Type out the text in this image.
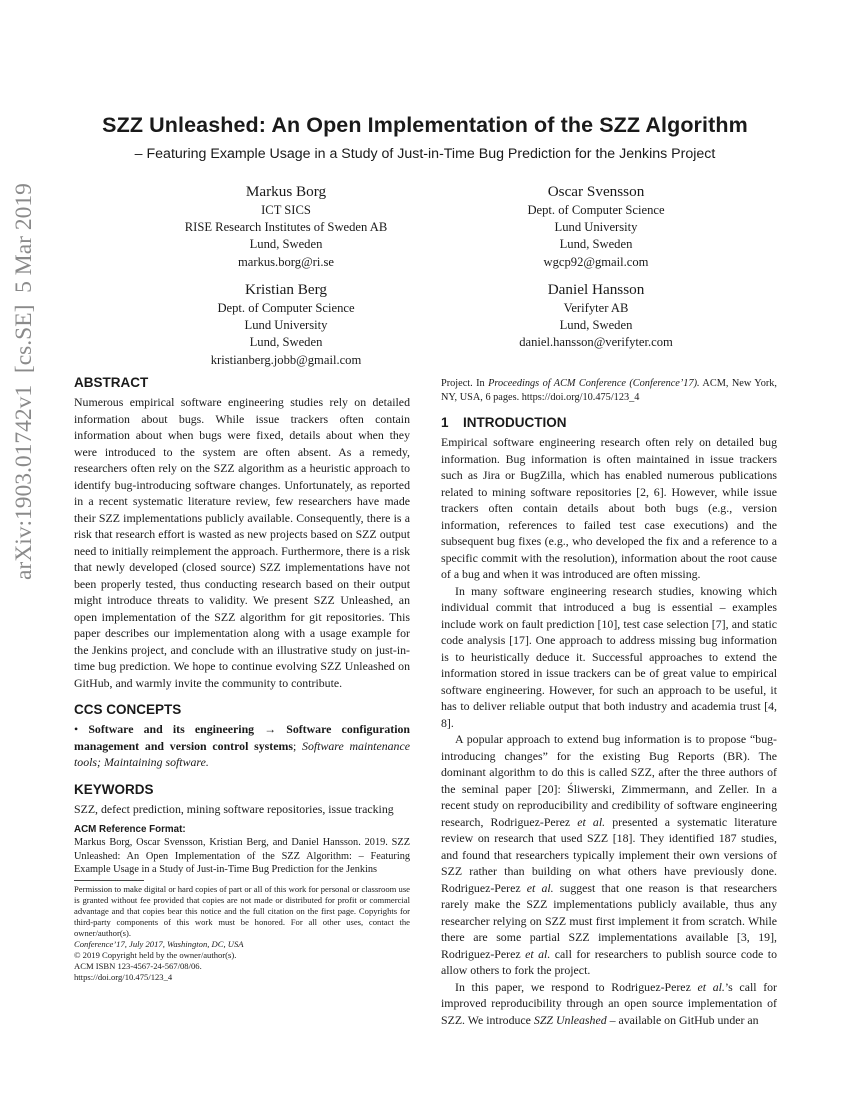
arXiv:1903.01742v1  [cs.SE]  5 Mar 2019
SZZ Unleashed: An Open Implementation of the SZZ Algorithm
– Featuring Example Usage in a Study of Just-in-Time Bug Prediction for the Jenkins Project
Markus Borg
ICT SICS
RISE Research Institutes of Sweden AB
Lund, Sweden
markus.borg@ri.se
Oscar Svensson
Dept. of Computer Science
Lund University
Lund, Sweden
wgcp92@gmail.com
Kristian Berg
Dept. of Computer Science
Lund University
Lund, Sweden
kristianberg.jobb@gmail.com
Daniel Hansson
Verifyter AB
Lund, Sweden
daniel.hansson@verifyter.com
ABSTRACT

Numerous empirical software engineering studies rely on detailed information about bugs. While issue trackers often contain information about when bugs were fixed, details about when they were introduced to the system are often absent. As a remedy, researchers often rely on the SZZ algorithm as a heuristic approach to identify bug-introducing software changes. Unfortunately, as reported in a recent systematic literature review, few researchers have made their SZZ implementations publicly available. Consequently, there is a risk that research effort is wasted as new projects based on SZZ output need to initially reimplement the approach. Furthermore, there is a risk that newly developed (closed source) SZZ implementations have not been properly tested, thus conducting research based on their output might introduce threats to validity. We present SZZ Unleashed, an open implementation of the SZZ algorithm for git repositories. This paper describes our implementation along with a usage example for the Jenkins project, and conclude with an illustrative study on just-in-time bug prediction. We hope to continue evolving SZZ Unleashed on GitHub, and warmly invite the community to contribute.

CCS CONCEPTS

• Software and its engineering → Software configuration management and version control systems; Software maintenance tools; Maintaining software.

KEYWORDS

SZZ, defect prediction, mining software repositories, issue tracking

ACM Reference Format:
Markus Borg, Oscar Svensson, Kristian Berg, and Daniel Hansson. 2019. SZZ Unleashed: An Open Implementation of the SZZ Algorithm: – Featuring Example Usage in a Study of Just-in-Time Bug Prediction for the Jenkins

Permission to make digital or hard copies of part or all of this work for personal or classroom use is granted without fee provided that copies are not made or distributed for profit or commercial advantage and that copies bear this notice and the full citation on the first page. Copyrights for third-party components of this work must be honored. For all other uses, contact the owner/author(s).

Conference’17, July 2017, Washington, DC, USA
© 2019 Copyright held by the owner/author(s).
ACM ISBN 123-4567-24-567/08/06.
https://doi.org/10.475/123_4
Project. In Proceedings of ACM Conference (Conference’17). ACM, New York, NY, USA, 6 pages. https://doi.org/10.475/123_4
1 INTRODUCTION

Empirical software engineering research often rely on detailed bug information. Bug information is often maintained in issue trackers such as Jira or BugZilla, which has enabled numerous publications related to mining software repositories [2, 6]. However, while issue trackers often contain details about both bugs (e.g., version information, references to failed test case executions) and the subsequent bug fixes (e.g., who developed the fix and a reference to a specific commit with the resolution), information about the root cause of a bug and when it was introduced are often missing.

In many software engineering research studies, knowing which individual commit that introduced a bug is essential – examples include work on fault prediction [10], test case selection [7], and static code analysis [17]. One approach to address missing bug information is to heuristically deduce it. Successful approaches to extend the information stored in issue trackers can be of great value to empirical software engineering. However, for such an approach to be useful, it has to deliver reliable output that both industry and academia trust [4, 8].

A popular approach to extend bug information is to propose “bug-introducing changes” for the existing Bug Reports (BR). The dominant algorithm to do this is called SZZ, after the three authors of the seminal paper [20]: Śliwerski, Zimmermann, and Zeller. In a recent study on reproducibility and credibility of software engineering research, Rodriguez-Perez et al. presented a systematic literature review on research that used SZZ [18]. They identified 187 studies, and found that researchers typically implement their own versions of SZZ rather than building on what others have previously done. Rodriguez-Perez et al. suggest that one reason is that researchers rarely make the SZZ implementations publicly available, thus any researcher relying on SZZ must first implement it from scratch. While there are some partial SZZ implementations available [3, 19], Rodriguez-Perez et al. call for researchers to publish source code to allow others to fork the project.

In this paper, we respond to Rodriguez-Perez et al.’s call for improved reproducibility through an open source implementation of SZZ. We introduce SZZ Unleashed – available on GitHub under an
